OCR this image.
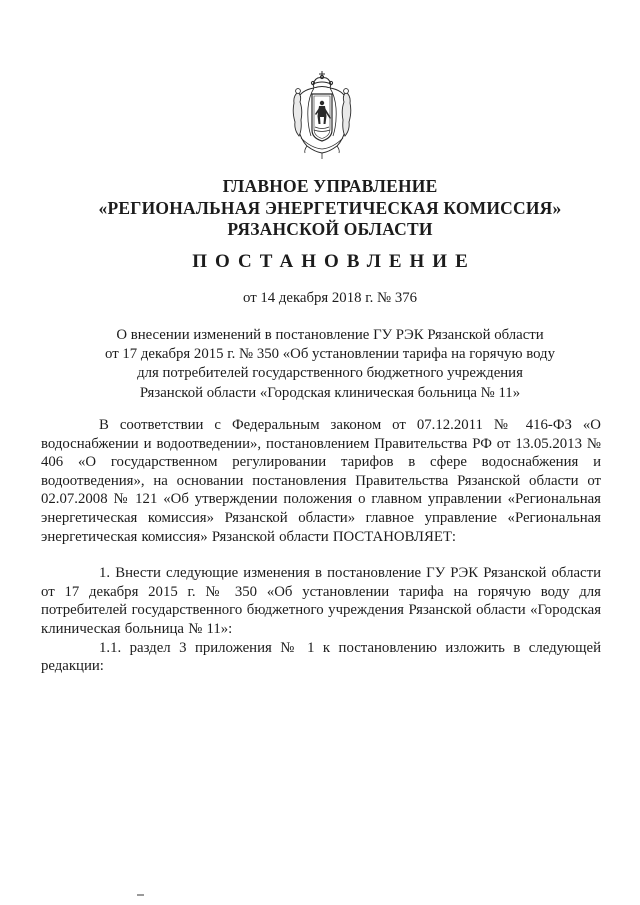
ГЛАВНОЕ УПРАВЛЕНИЕ
«РЕГИОНАЛЬНАЯ ЭНЕРГЕТИЧЕСКАЯ КОМИССИЯ»
РЯЗАНСКОЙ ОБЛАСТИ
ПОСТАНОВЛЕНИЕ
от 14 декабря 2018 г. № 376
О внесении изменений в постановление ГУ РЭК Рязанской области
от 17 декабря 2015 г. № 350 «Об установлении тарифа на горячую воду
для потребителей государственного бюджетного учреждения
Рязанской области «Городская клиническая больница № 11»

В соответствии с Федеральным законом от 07.12.2011 № 416-ФЗ «О водоснабжении и водоотведении», постановлением Правительства РФ от 13.05.2013 № 406 «О государственном регулировании тарифов в сфере водоснабжения и водоотведения», на основании постановления Правительства Рязанской области от 02.07.2008 № 121 «Об утверждении положения о главном управлении «Региональная энергетическая комиссия» Рязанской области» главное управление «Региональная энергетическая комиссия» Рязанской области ПОСТАНОВЛЯЕТ:

1. Внести следующие изменения в постановление ГУ РЭК Рязанской области от 17 декабря 2015 г. № 350 «Об установлении тарифа на горячую воду для потребителей государственного бюджетного учреждения Рязанской области «Городская клиническая больница № 11»:

1.1. раздел 3 приложения № 1 к постановлению изложить в следующей редакции:
